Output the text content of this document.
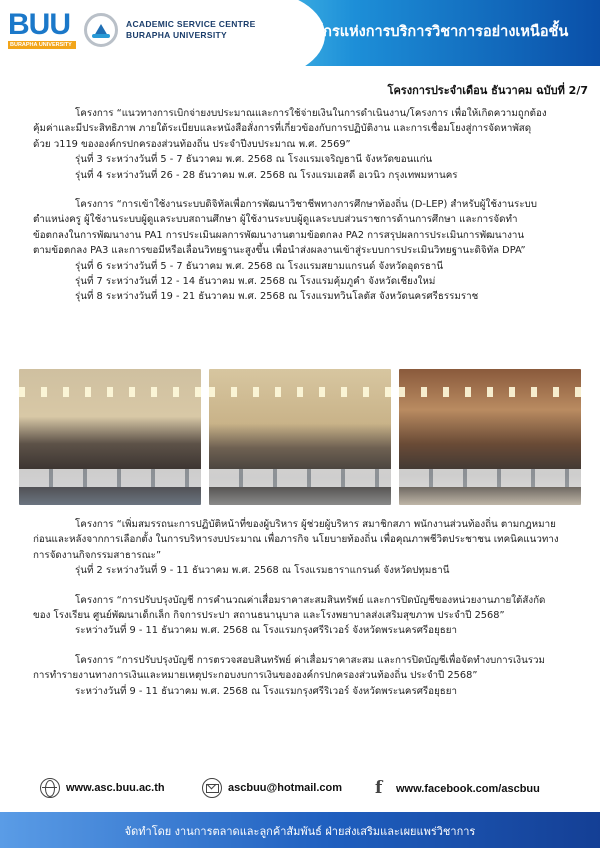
BUU
BURAPHA UNIVERSITY
ACADEMIC SERVICE CENTRE
BURAPHA UNIVERSITY	องค์กรแห่งการบริการวิชาการอย่างเหนือชั้น
โครงการประจำเดือน ธันวาคม ฉบับที่ 2/7
โครงการ “แนวทางการเบิกจ่ายงบประมาณและการใช้จ่ายเงินในการดำเนินงาน/โครงการ เพื่อให้เกิดความถูกต้อง
คุ้มค่าและมีประสิทธิภาพ ภายใต้ระเบียบและหนังสือสั่งการที่เกี่ยวข้องกับการปฏิบัติงาน และการเชื่อมโยงสู่การจัดหาพัสดุ
ด้วย ว119 ขององค์กรปกครองส่วนท้องถิ่น ประจำปีงบประมาณ พ.ศ. 2569”
รุ่นที่ 3 ระหว่างวันที่ 5 - 7 ธันวาคม พ.ศ. 2568 ณ โรงแรมเจริญธานี จังหวัดขอนแก่น
รุ่นที่ 4 ระหว่างวันที่ 26 - 28 ธันวาคม พ.ศ. 2568 ณ โรงแรมเอสดี อเวนิว กรุงเทพมหานคร
โครงการ “การเข้าใช้งานระบบดิจิทัลเพื่อการพัฒนาวิชาชีพทางการศึกษาท้องถิ่น (D-LEP) สำหรับผู้ใช้งานระบบ
ตำแหน่งครู ผู้ใช้งานระบบผู้ดูแลระบบสถานศึกษา ผู้ใช้งานระบบผู้ดูแลระบบส่วนราชการด้านการศึกษา และการจัดทำ
ข้อตกลงในการพัฒนางาน PA1 การประเมินผลการพัฒนางานตามข้อตกลง PA2 การสรุปผลการประเมินการพัฒนางาน
ตามข้อตกลง PA3 และการขอมีหรือเลื่อนวิทยฐานะสูงขึ้น เพื่อนำส่งผลงานเข้าสู่ระบบการประเมินวิทยฐานะดิจิทัล DPA”
รุ่นที่ 6 ระหว่างวันที่ 5 - 7 ธันวาคม พ.ศ. 2568 ณ โรงแรมสยามแกรนด์ จังหวัดอุดรธานี
รุ่นที่ 7 ระหว่างวันที่ 12 - 14 ธันวาคม พ.ศ. 2568 ณ โรงแรมคุ้มภูคำ จังหวัดเชียงใหม่
รุ่นที่ 8 ระหว่างวันที่ 19 - 21 ธันวาคม พ.ศ. 2568 ณ โรงแรมทวินโลตัส จังหวัดนครศรีธรรมราช
โครงการ “เพิ่มสมรรถนะการปฏิบัติหน้าที่ของผู้บริหาร ผู้ช่วยผู้บริหาร สมาชิกสภา พนักงานส่วนท้องถิ่น ตามกฎหมาย
ก่อนและหลังจากการเลือกตั้ง ในการบริหารงบประมาณ เพื่อภารกิจ นโยบายท้องถิ่น เพื่อคุณภาพชีวิตประชาชน เทคนิคแนวทาง
การจัดงานกิจกรรมสาธารณะ”
รุ่นที่ 2 ระหว่างวันที่ 9 - 11 ธันวาคม พ.ศ. 2568 ณ โรงแรมธาราแกรนด์ จังหวัดปทุมธานี
โครงการ “การปรับปรุงบัญชี การคำนวณค่าเสื่อมราคาสะสมสินทรัพย์ และการปิดบัญชีของหน่วยงานภายใต้สังกัด
ของ โรงเรียน ศูนย์พัฒนาเด็กเล็ก กิจการประปา สถานธนานุบาล และโรงพยาบาลส่งเสริมสุขภาพ ประจำปี 2568”
ระหว่างวันที่ 9 - 11 ธันวาคม พ.ศ. 2568 ณ โรงแรมกรุงศรีริเวอร์ จังหวัดพระนครศรีอยุธยา
โครงการ “การปรับปรุงบัญชี การตรวจสอบสินทรัพย์ ค่าเสื่อมราคาสะสม และการปิดบัญชีเพื่อจัดทำงบการเงินรวม
การทำรายงานทางการเงินและหมายเหตุประกอบงบการเงินขององค์กรปกครองส่วนท้องถิ่น ประจำปี 2568”
ระหว่างวันที่ 9 - 11 ธันวาคม พ.ศ. 2568 ณ โรงแรมกรุงศรีริเวอร์ จังหวัดพระนครศรีอยุธยา
www.asc.buu.ac.th	ascbuu@hotmail.com
f	www.facebook.com/ascbuu
จัดทำโดย งานการตลาดและลูกค้าสัมพันธ์ ฝ่ายส่งเสริมและเผยแพร่วิชาการ
